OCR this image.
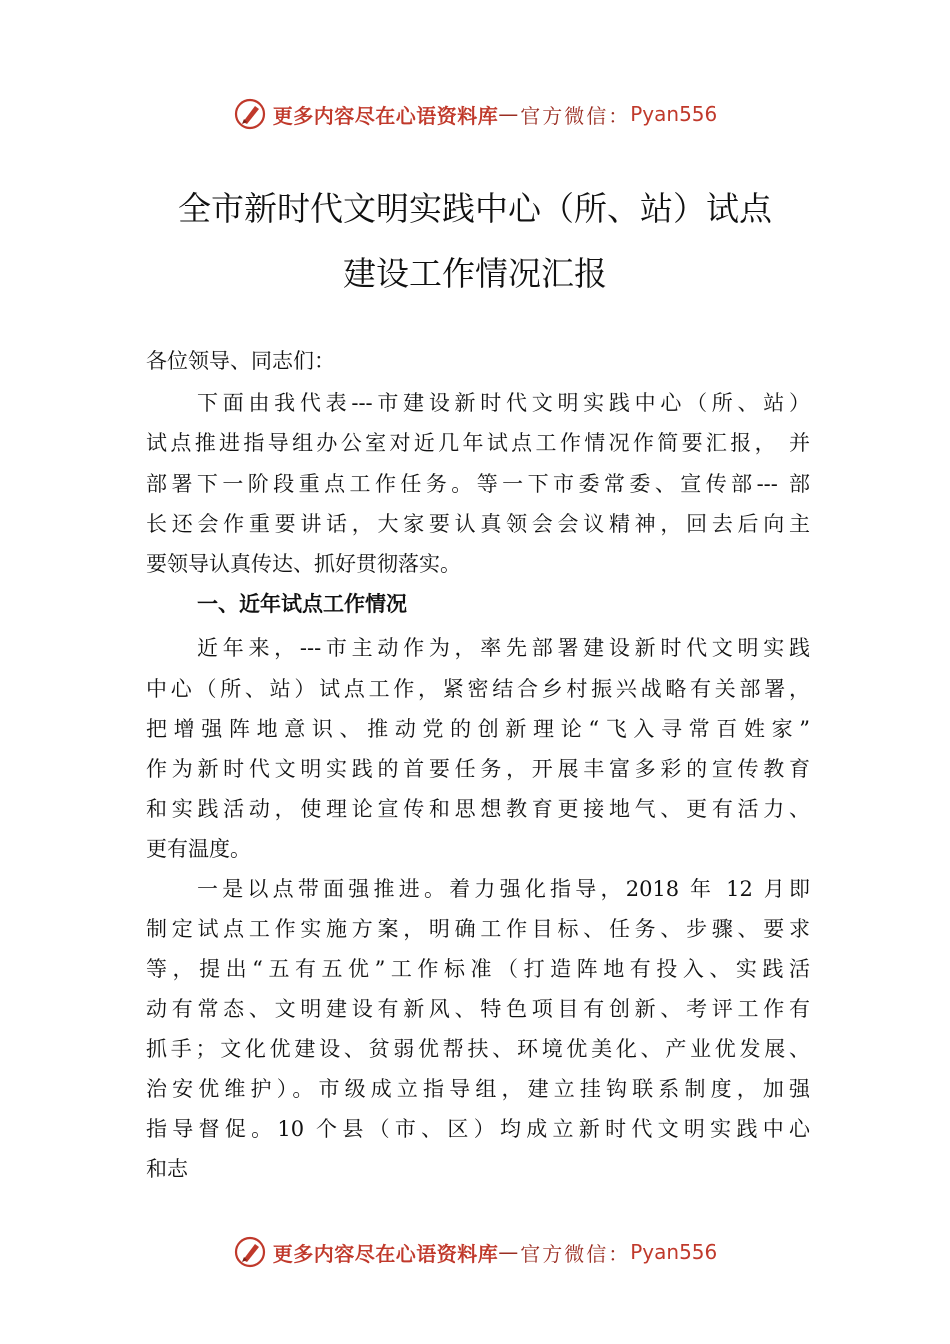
更多内容尽在心语资料库 — 官方微信： Pyan556
全市新时代文明实践中心（所、站）试点
建设工作情况汇报
各位领导、同志们：
下面由我代表---市建设新时代文明实践中心（所、站）
试点推进指导组办公室对近几年试点工作情况作简要汇报， 并
部署下一阶段重点工作任务。等一下市委常委、宣传部--- 部
长还会作重要讲话，大家要认真领会会议精神，回去后向主
要领导认真传达、抓好贯彻落实。
一、近年试点工作情况
近年来，---市主动作为，率先部署建设新时代文明实践
中心（所、站）试点工作，紧密结合乡村振兴战略有关部署，
把增强阵地意识、推动党的创新理论“飞入寻常百姓家”
作为新时代文明实践的首要任务，开展丰富多彩的宣传教育
和实践活动，使理论宣传和思想教育更接地气、更有活力、
更有温度。
一是以点带面强推进。着力强化指导，2018 年 12 月即
制定试点工作实施方案，明确工作目标、任务、步骤、要求
等，提出“五有五优”工作标准（打造阵地有投入、实践活
动有常态、文明建设有新风、特色项目有创新、考评工作有
抓手；文化优建设、贫弱优帮扶、环境优美化、产业优发展、
治安优维护）。市级成立指导组，建立挂钩联系制度，加强
指导督促。10 个县（市、区）均成立新时代文明实践中心
和志
更多内容尽在心语资料库 — 官方微信： Pyan556
